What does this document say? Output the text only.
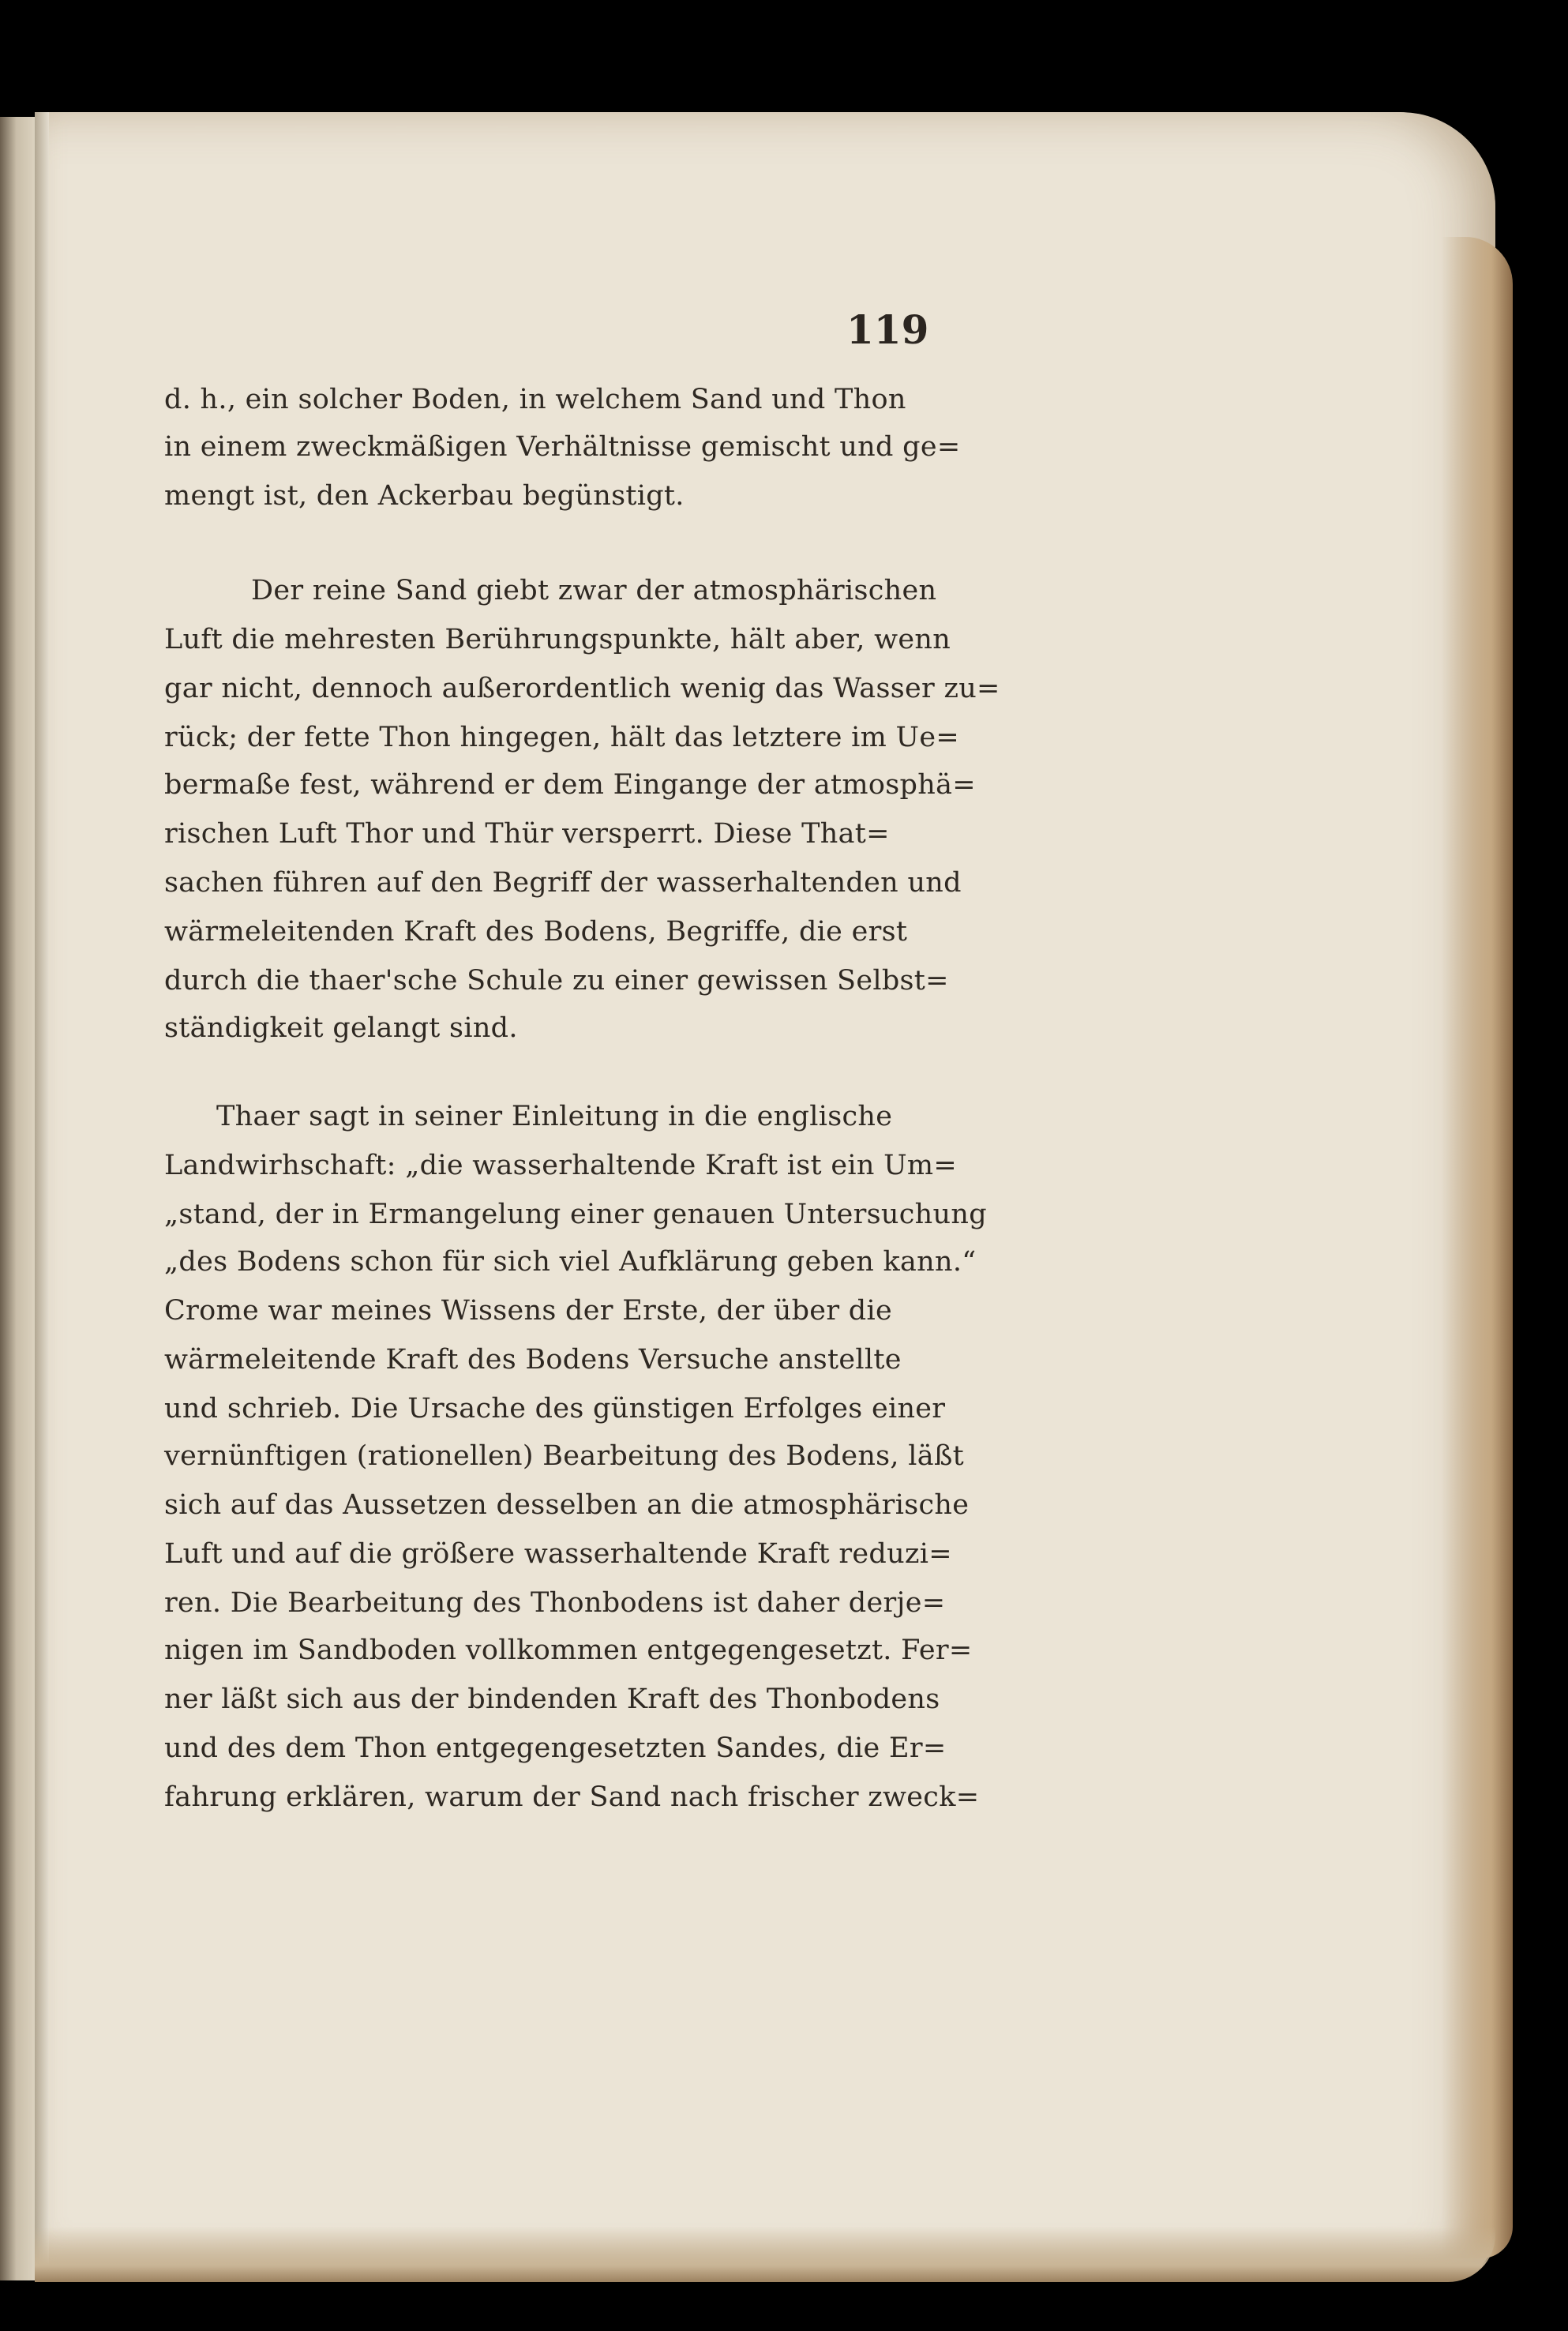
119
d. h., ein solcher Boden, in welchem Sand und Thon
in einem zweckmäßigen Verhältnisse gemischt und ge=
mengt ist, den Ackerbau begünstigt.
Der reine Sand giebt zwar der atmosphärischen
Luft die mehresten Berührungspunkte, hält aber, wenn
gar nicht, dennoch außerordentlich wenig das Wasser zu=
rück; der fette Thon hingegen, hält das letztere im Ue=
bermaße fest, während er dem Eingange der atmosphä=
rischen Luft Thor und Thür versperrt. Diese That=
sachen führen auf den Begriff der wasserhaltenden und
wärmeleitenden Kraft des Bodens, Begriffe, die erst
durch die thaer'sche Schule zu einer gewissen Selbst=
ständigkeit gelangt sind.
Thaer sagt in seiner Einleitung in die englische
Landwirhschaft: „die wasserhaltende Kraft ist ein Um=
„stand, der in Ermangelung einer genauen Untersuchung
„des Bodens schon für sich viel Aufklärung geben kann.“
Crome war meines Wissens der Erste, der über die
wärmeleitende Kraft des Bodens Versuche anstellte
und schrieb. Die Ursache des günstigen Erfolges einer
vernünftigen (rationellen) Bearbeitung des Bodens, läßt
sich auf das Aussetzen desselben an die atmosphärische
Luft und auf die größere wasserhaltende Kraft reduzi=
ren. Die Bearbeitung des Thonbodens ist daher derje=
nigen im Sandboden vollkommen entgegengesetzt. Fer=
ner läßt sich aus der bindenden Kraft des Thonbodens
und des dem Thon entgegengesetzten Sandes, die Er=
fahrung erklären, warum der Sand nach frischer zweck=
